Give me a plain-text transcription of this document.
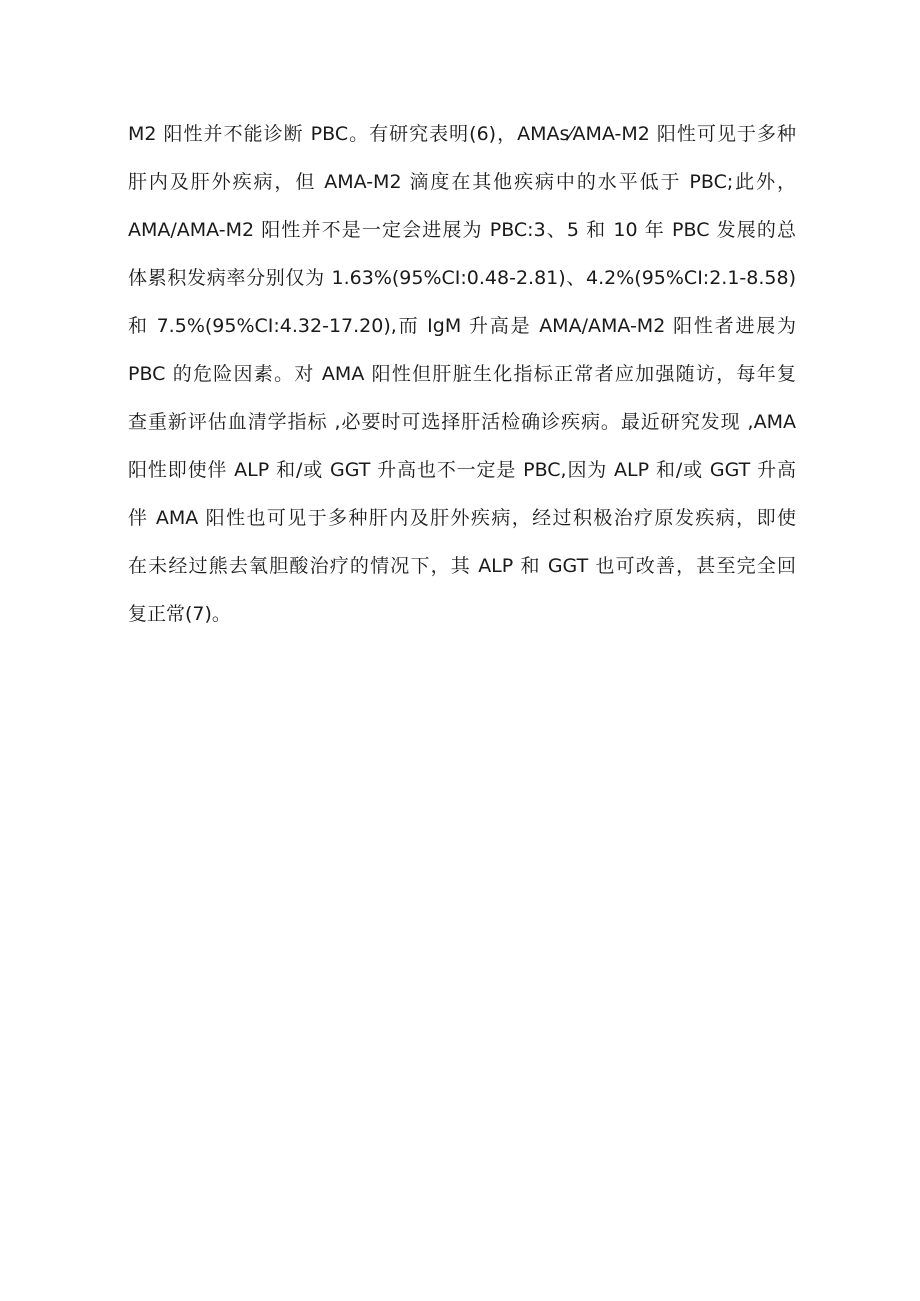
M2 阳性并不能诊断 PBC。有研究表明(6)，AMAs⁄AMA-M2 阳性可见于多种
肝内及肝外疾病，但 AMA-M2 滴度在其他疾病中的水平低于 PBC;此外，
AMA/AMA-M2 阳性并不是一定会进展为 PBC:3、5 和 10 年 PBC 发展的总
体累积发病率分别仅为 1.63%(95%CI:0.48-2.81)、4.2%(95%CI:2.1-8.58)
和 7.5%(95%CI:4.32-17.20),而 IgM 升高是 AMA/AMA-M2 阳性者进展为
PBC 的危险因素。对 AMA 阳性但肝脏生化指标正常者应加强随访，每年复
查重新评估血清学指标 ,必要时可选择肝活检确诊疾病。最近研究发现 ,AMA
阳性即使伴 ALP 和/或 GGT 升高也不一定是 PBC,因为 ALP 和/或 GGT 升高
伴 AMA 阳性也可见于多种肝内及肝外疾病，经过积极治疗原发疾病，即使
在未经过熊去氧胆酸治疗的情况下，其 ALP 和 GGT 也可改善，甚至完全回
复正常(7)。
